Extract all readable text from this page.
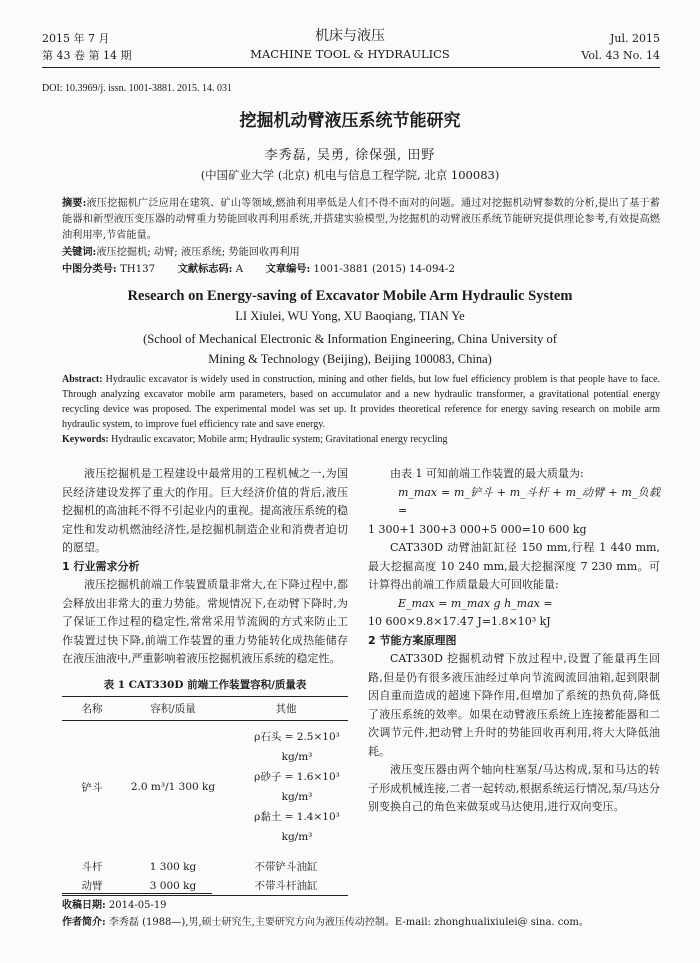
2015 年 7 月
第 43 卷 第 14 期
机床与液压
MACHINE TOOL & HYDRAULICS
Jul. 2015
Vol. 43 No. 14
DOI: 10.3969/j. issn. 1001-3881. 2015. 14. 031
挖掘机动臂液压系统节能研究
李秀磊, 吴勇, 徐保强, 田野
(中国矿业大学 (北京) 机电与信息工程学院, 北京 100083)
摘要:液压挖掘机广泛应用在建筑、矿山等领域,燃油利用率低是人们不得不面对的问题。通过对挖掘机动臂参数的分析,提出了基于蓄能器和新型液压变压器的动臂重力势能回收再利用系统,并搭建实验模型,为挖掘机的动臂液压系统节能研究提供理论参考,有效提高燃油利用率,节省能量。
关键词:液压挖掘机; 动臂; 液压系统; 势能回收再利用
中图分类号: TH137 文献标志码: A 文章编号: 1001-3881 (2015) 14-094-2
Research on Energy-saving of Excavator Mobile Arm Hydraulic System
LI Xiulei, WU Yong, XU Baoqiang, TIAN Ye
(School of Mechanical Electronic & Information Engineering, China University of
Mining & Technology (Beijing), Beijing 100083, China)
Abstract: Hydraulic excavator is widely used in construction, mining and other fields, but low fuel efficiency problem is that people have to face. Through analyzing excavator mobile arm parameters, based on accumulator and a new hydraulic transformer, a gravitational potential energy recycling device was proposed. The experimental model was set up. It provides theoretical reference for energy saving research on mobile arm hydraulic system, to improve fuel efficiency rate and save energy.
Keywords: Hydraulic excavator; Mobile arm; Hydraulic system; Gravitational energy recycling

液压挖掘机是工程建设中最常用的工程机械之一,为国民经济建设发挥了重大的作用。巨大经济价值的背后,液压挖掘机的高油耗不得不引起业内的重视。提高液压系统的稳定性和发动机燃油经济性,是挖掘机制造企业和消费者迫切的愿望。

1 行业需求分析

液压挖掘机前端工作装置质量非常大,在下降过程中,都会释放出非常大的重力势能。常规情况下,在动臂下降时,为了保证工作过程的稳定性,常常采用节流阀的方式来防止工作装置过快下降,前端工作装置的重力势能转化成热能储存在液压油液中,严重影响着液压挖掘机液压系统的稳定性。

表 1 CAT330D 前端工作装置容积/质量表
名称	容积/质量	其他
铲斗	2.0 m³/1 300 kg	ρ石头 = 2.5×10³ kg/m³
ρ砂子 = 1.6×10³ kg/m³
ρ黏土 = 1.4×10³ kg/m³

斗杆	1 300 kg	不带铲斗油缸
动臂	3 000 kg	不带斗杆油缸

由表 1 可知前端工作装置的最大质量为:

m_max = m_铲斗 + m_斗杆 + m_动臂 + m_负载 =

1 300+1 300+3 000+5 000=10 600 kg

CAT330D 动臂油缸缸径 150 mm,行程 1 440 mm,最大挖掘高度 10 240 mm,最大挖掘深度 7 230 mm。可计算得出前端工作质量最大可回收能量:

E_max = m_max g h_max =

10 600×9.8×17.47 J=1.8×10³ kJ

2 节能方案原理图

CAT330D 挖掘机动臂下放过程中,设置了能量再生回路,但是仍有很多液压油经过单向节流阀流回油箱,起到限制因自重而造成的超速下降作用,但增加了系统的热负荷,降低了液压系统的效率。如果在动臂液压系统上连接蓄能器和二次调节元件,把动臂上升时的势能回收再利用,将大大降低油耗。

液压变压器由两个轴向柱塞泵/马达构成,泵和马达的转子形成机械连接,二者一起转动,根据系统运行情况,泵/马达分别变换自己的角色来做泵或马达使用,进行双向变压。

收稿日期: 2014-05-19
作者简介: 李秀磊 (1988—),男,硕士研究生,主要研究方向为液压传动控制。E-mail: zhonghualixiulei@ sina. com。
